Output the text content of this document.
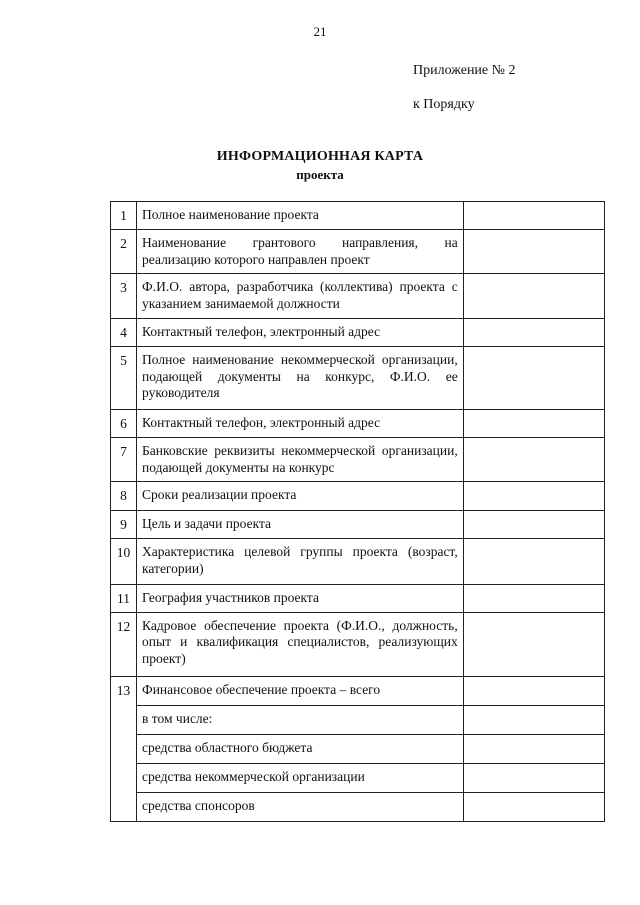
21
Приложение № 2
к Порядку
ИНФОРМАЦИОННАЯ КАРТА
проекта
1	Полное наименование проекта	
2	Наименование грантового направления, на реализацию которого направлен проект	
3	Ф.И.О. автора, разработчика (коллектива) проекта с указанием занимаемой должности	
4	Контактный телефон, электронный адрес	
5	Полное наименование некоммерческой организации, подающей документы на конкурс, Ф.И.О. ее руководителя	
6	Контактный телефон, электронный адрес	
7	Банковские реквизиты некоммерческой организации, подающей документы на конкурс	
8	Сроки реализации проекта	
9	Цель и задачи проекта	
10	Характеристика целевой группы проекта (возраст, категории)	
11	География участников проекта	
12	Кадровое обеспечение проекта (Ф.И.О., должность, опыт и квалификация специалистов, реализующих проект)	
13	Финансовое обеспечение проекта – всего	
	в том числе:	
	средства областного бюджета	
	средства некоммерческой организации	
	средства спонсоров	
